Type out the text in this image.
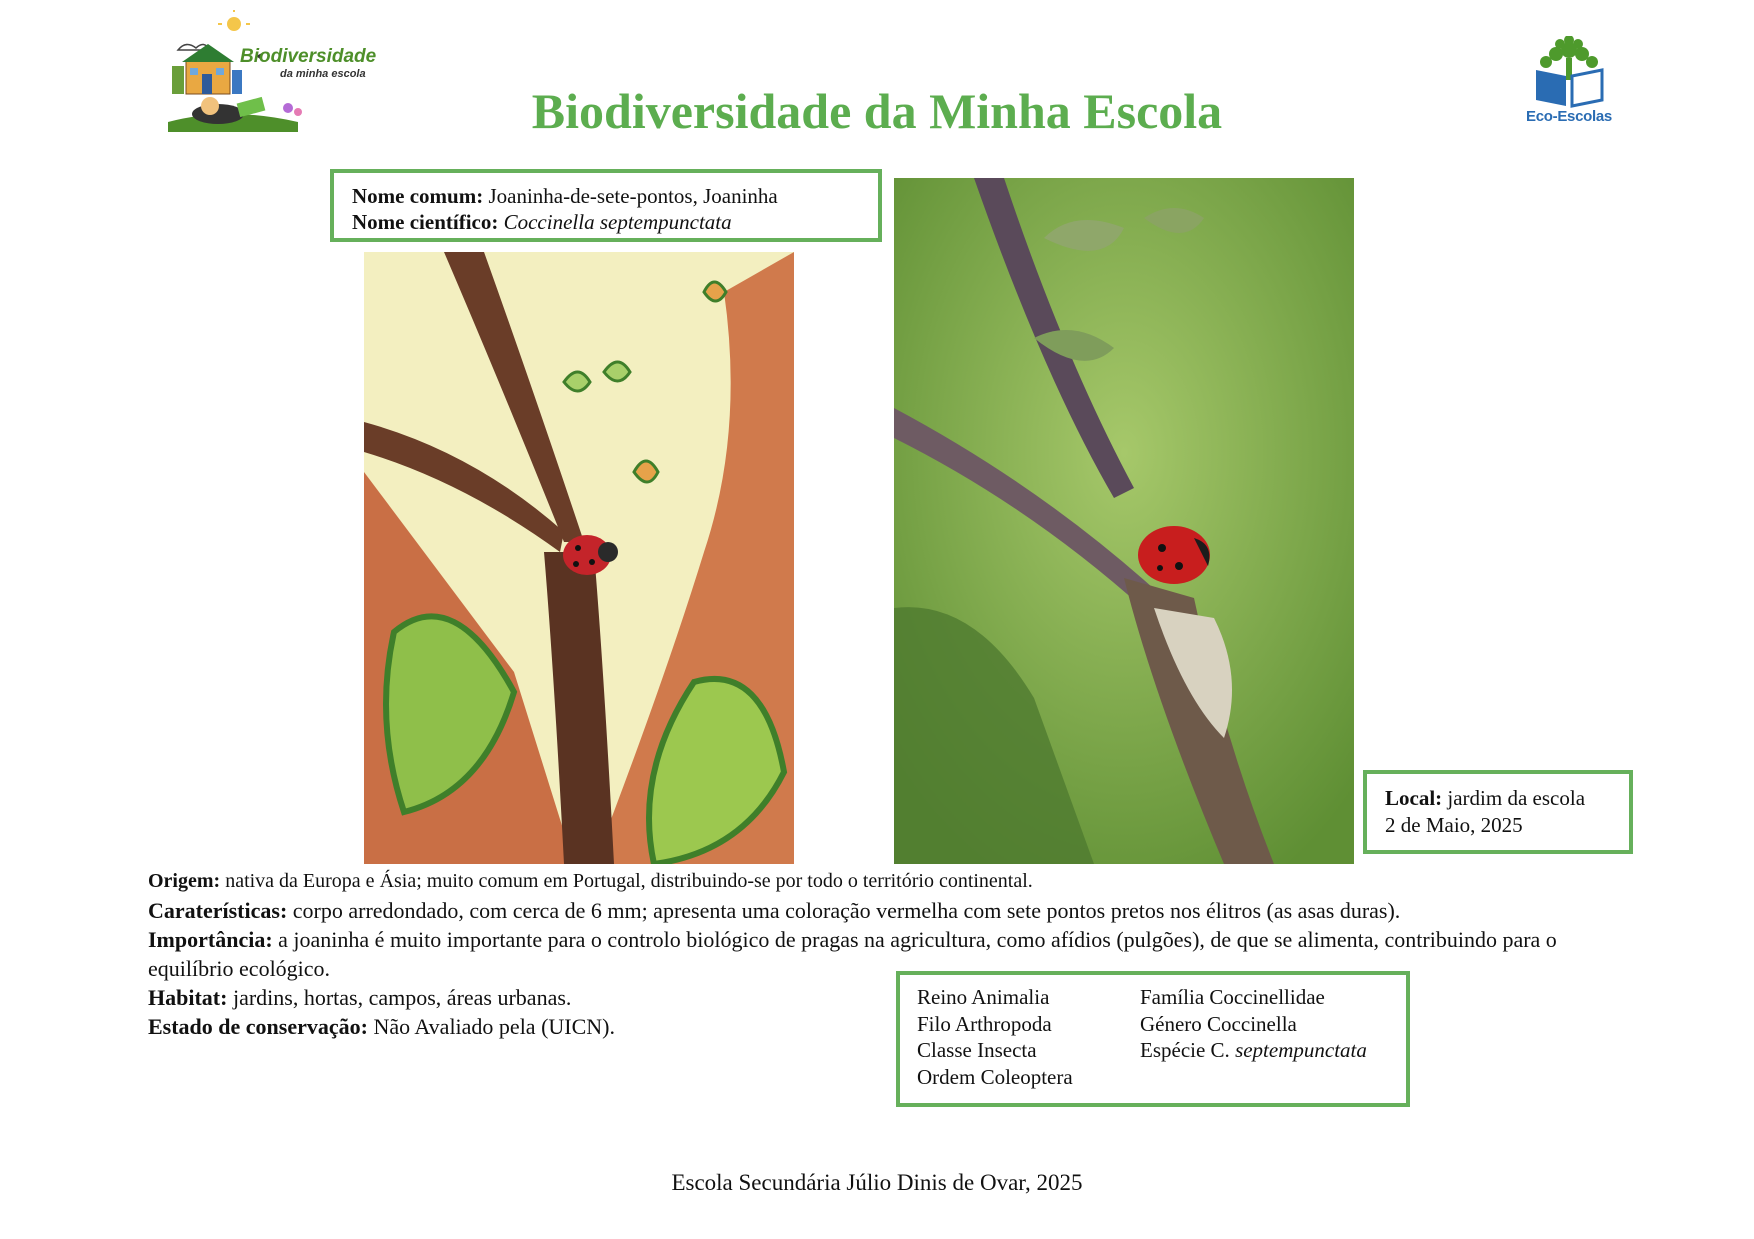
Biodiversidade
da minha escola
Eco-Escolas
Biodiversidade da Minha Escola
Nome comum: Joaninha-de-sete-pontos, Joaninha
Nome científico: Coccinella septempunctata
Local: jardim da escola
2 de Maio, 2025

Origem: nativa da Europa e Ásia; muito comum em Portugal, distribuindo-se por todo o território continental.

Caraterísticas: corpo arredondado, com cerca de 6 mm; apresenta uma coloração vermelha com sete pontos pretos nos élitros (as asas duras).

Importância: a joaninha é muito importante para o controlo biológico de pragas na agricultura, como afídios (pulgões), de que se alimenta, contribuindo para o equilíbrio ecológico.

Habitat: jardins, hortas, campos, áreas urbanas.

Estado de conservação: Não Avaliado pela (UICN).

Reino Animalia
Filo Arthropoda
Classe Insecta
Ordem Coleoptera
Família Coccinellidae
Género Coccinella
Espécie C. septempunctata
Escola Secundária Júlio Dinis de Ovar, 2025
